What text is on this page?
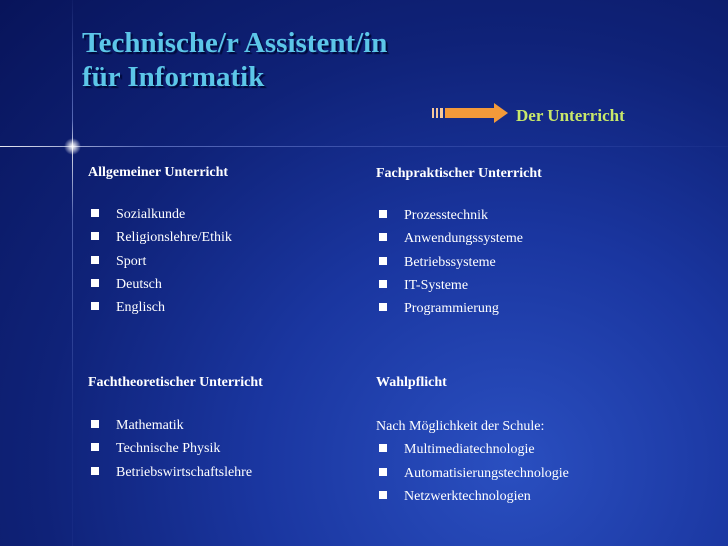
Technische/r Assistent/in
für Informatik
Der Unterricht
Allgemeiner Unterricht
Sozialkunde
Religionslehre/Ethik
Sport
Deutsch
Englisch
Fachpraktischer Unterricht
Prozesstechnik
Anwendungssysteme
Betriebssysteme
IT-Systeme
Programmierung
Fachtheoretischer Unterricht
Mathematik
Technische Physik
Betriebswirtschaftslehre
Wahlpflicht

Nach Möglichkeit der Schule:

Multimediatechnologie
Automatisierungstechnologie
Netzwerktechnologien
